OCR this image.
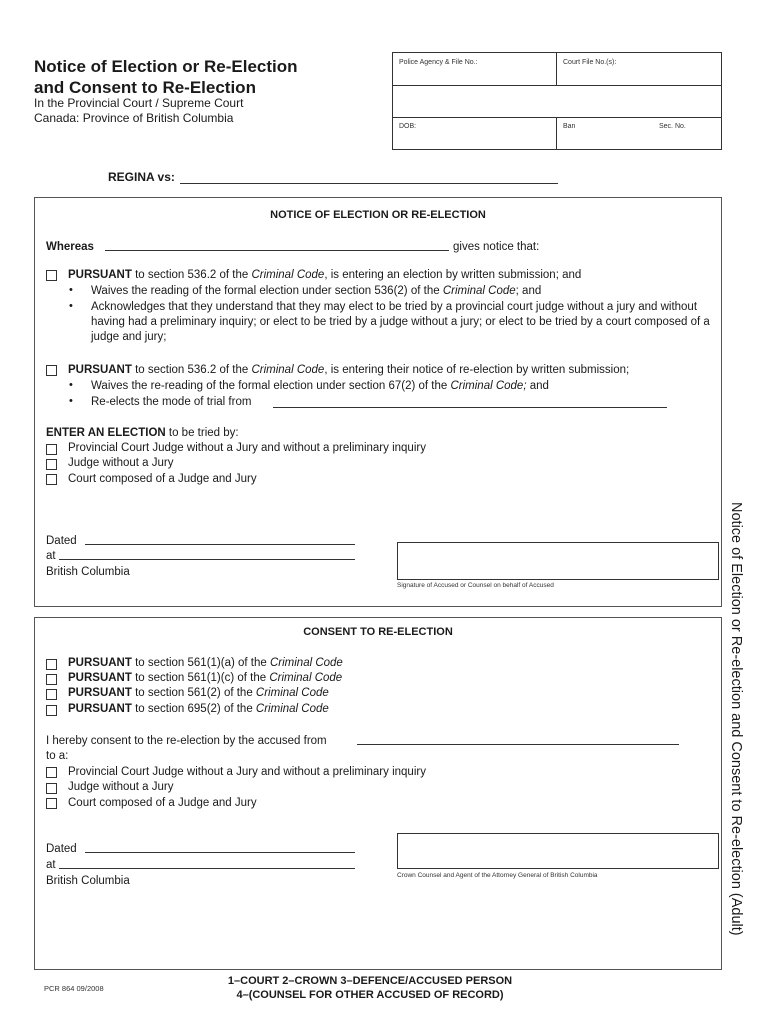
Notice of Election or Re-Election
and Consent to Re-Election
In the Provincial Court / Supreme Court
Canada: Province of British Columbia
Police Agency & File No.:	Court File No.(s):
DOB:	Ban	Sec. No.
REGINA vs:
NOTICE OF ELECTION OR RE-ELECTION
Whereas	gives notice that:
PURSUANT to section 536.2 of the Criminal Code, is entering an election by written submission; and
• Waives the reading of the formal election under section 536(2) of the Criminal Code; and
• Acknowledges that they understand that they may elect to be tried by a provincial court judge without a jury and without having had a preliminary inquiry; or elect to be tried by a judge without a jury; or elect to be tried by a court composed of a judge and jury;
PURSUANT to section 536.2 of the Criminal Code, is entering their notice of re-election by written submission;
• Waives the re-reading of the formal election under section 67(2) of the Criminal Code; and
• Re-elects the mode of trial from
ENTER AN ELECTION to be tried by:
Provincial Court Judge without a Jury and without a preliminary inquiry
Judge without a Jury
Court composed of a Judge and Jury
Dated
at
British Columbia
Signature of Accused or Counsel on behalf of Accused
CONSENT TO RE-ELECTION
PURSUANT to section 561(1)(a) of the Criminal Code
PURSUANT to section 561(1)(c) of the Criminal Code
PURSUANT to section 561(2) of the Criminal Code
PURSUANT to section 695(2) of the Criminal Code
I hereby consent to the re-election by the accused from
to a:
Provincial Court Judge without a Jury and without a preliminary inquiry
Judge without a Jury
Court composed of a Judge and Jury
Dated
at
British Columbia	Crown Counsel and Agent of the Attorney General of British Columbia	Notice of Election or Re-election and Consent to Re-election (Adult)
PCR 864 09/2008
1–COURT 2–CROWN 3–DEFENCE/ACCUSED PERSON
4–(COUNSEL FOR OTHER ACCUSED OF RECORD)
